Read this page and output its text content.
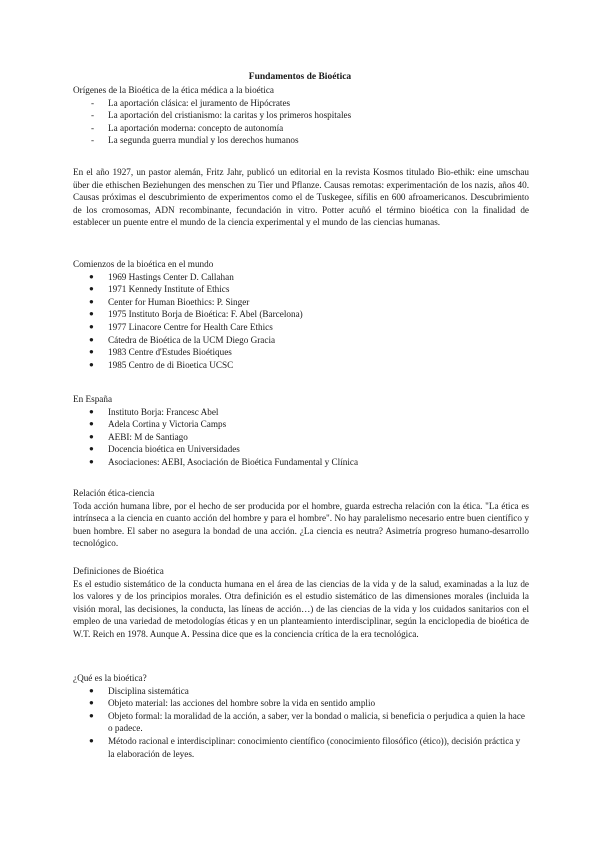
Fundamentos de Bioética

Orígenes de la Bioética de la ética médica a la bioética

- La aportación clásica: el juramento de Hipócrates
- La aportación del cristianismo: la caritas y los primeros hospitales
- La aportación moderna: concepto de autonomía
- La segunda guerra mundial y los derechos humanos

En el año 1927, un pastor alemán, Fritz Jahr, publicó un editorial en la revista Kosmos titulado Bio-ethik: eine umschau über die ethischen Beziehungen des menschen zu Tier und Pflanze. Causas remotas: experimentación de los nazis, años 40. Causas próximas el descubrimiento de experimentos como el de Tuskegee, sífilis en 600 afroamericanos. Descubrimiento de los cromosomas, ADN recombinante, fecundación in vitro. Potter acuñó el término bioética con la finalidad de establecer un puente entre el mundo de la ciencia experimental y el mundo de las ciencias humanas.

Comienzos de la bioética en el mundo

● 1969 Hastings Center D. Callahan
● 1971 Kennedy Institute of Ethics
● Center for Human Bioethics: P. Singer
● 1975 Instituto Borja de Bioética: F. Abel (Barcelona)
● 1977 Linacore Centre for Health Care Ethics
● Cátedra de Bioética de la UCM Diego Gracia
● 1983 Centre d'Estudes Bioétiques
● 1985 Centro de di Bioetica UCSC

En España

● Instituto Borja: Francesc Abel
● Adela Cortina y Victoria Camps
● AEBI: M de Santiago
● Docencia bioética en Universidades
● Asociaciones: AEBI, Asociación de Bioética Fundamental y Clínica

Relación ética-ciencia

Toda acción humana libre, por el hecho de ser producida por el hombre, guarda estrecha relación con la ética. "La ética es intrínseca a la ciencia en cuanto acción del hombre y para el hombre". No hay paralelismo necesario entre buen científico y buen hombre. El saber no asegura la bondad de una acción. ¿La ciencia es neutra? Asimetría progreso humano-desarrollo tecnológico.

Definiciones de Bioética

Es el estudio sistemático de la conducta humana en el área de las ciencias de la vida y de la salud, examinadas a la luz de los valores y de los principios morales. Otra definición es el estudio sistemático de las dimensiones morales (incluida la visión moral, las decisiones, la conducta, las líneas de acción…) de las ciencias de la vida y los cuidados sanitarios con el empleo de una variedad de metodologías éticas y en un planteamiento interdisciplinar, según la enciclopedia de bioética de W.T. Reich en 1978. Aunque A. Pessina dice que es la conciencia crítica de la era tecnológica.

¿Qué es la bioética?

● Disciplina sistemática
● Objeto material: las acciones del hombre sobre la vida en sentido amplio
● Objeto formal: la moralidad de la acción, a saber, ver la bondad o malicia, si beneficia o perjudica a quien la hace o padece.
● Método racional e interdisciplinar: conocimiento científico (conocimiento filosófico (ético)), decisión práctica y la elaboración de leyes.
